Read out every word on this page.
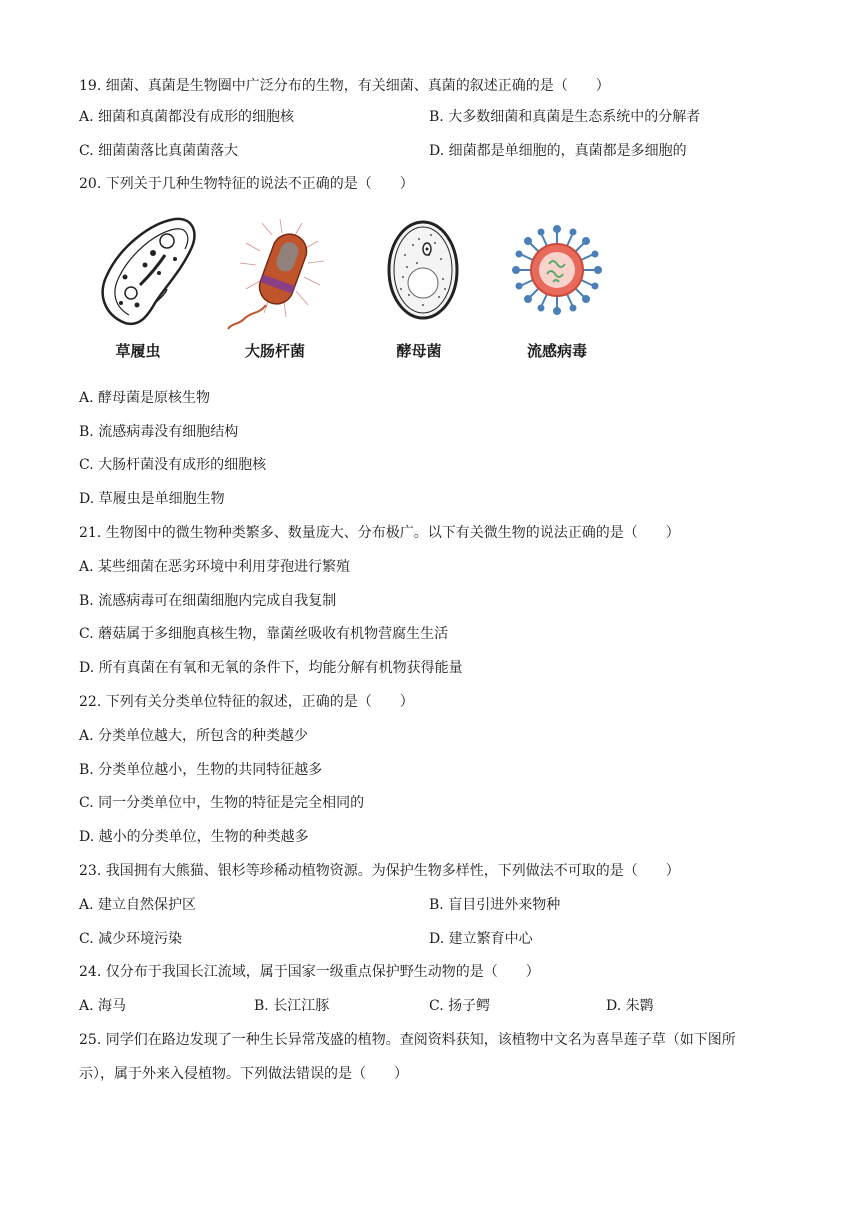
19. 细菌、真菌是生物圈中广泛分布的生物，有关细菌、真菌的叙述正确的是（　　）
A. 细菌和真菌都没有成形的细胞核	B. 大多数细菌和真菌是生态系统中的分解者
C. 细菌菌落比真菌菌落大	D. 细菌都是单细胞的，真菌都是多细胞的
20. 下列关于几种生物特征的说法不正确的是（　　）
草履虫	大肠杆菌	酵母菌	流感病毒
A. 酵母菌是原核生物
B. 流感病毒没有细胞结构
C. 大肠杆菌没有成形的细胞核
D. 草履虫是单细胞生物
21. 生物图中的微生物种类繁多、数量庞大、分布极广。以下有关微生物的说法正确的是（　　）
A. 某些细菌在恶劣环境中利用芽孢进行繁殖
B. 流感病毒可在细菌细胞内完成自我复制
C. 蘑菇属于多细胞真核生物，靠菌丝吸收有机物营腐生生活
D. 所有真菌在有氧和无氧的条件下，均能分解有机物获得能量
22. 下列有关分类单位特征的叙述，正确的是（　　）
A. 分类单位越大，所包含的种类越少
B. 分类单位越小，生物的共同特征越多
C. 同一分类单位中，生物的特征是完全相同的
D. 越小的分类单位，生物的种类越多
23. 我国拥有大熊猫、银杉等珍稀动植物资源。为保护生物多样性，下列做法不可取的是（　　）
A. 建立自然保护区	B. 盲目引进外来物种
C. 减少环境污染	D. 建立繁育中心
24. 仅分布于我国长江流域，属于国家一级重点保护野生动物的是（　　）
A. 海马	B. 长江江豚	C. 扬子鳄	D. 朱鹮
25. 同学们在路边发现了一种生长异常茂盛的植物。查阅资料获知，该植物中文名为喜旱莲子草（如下图所
示），属于外来入侵植物。下列做法错误的是（　　）
